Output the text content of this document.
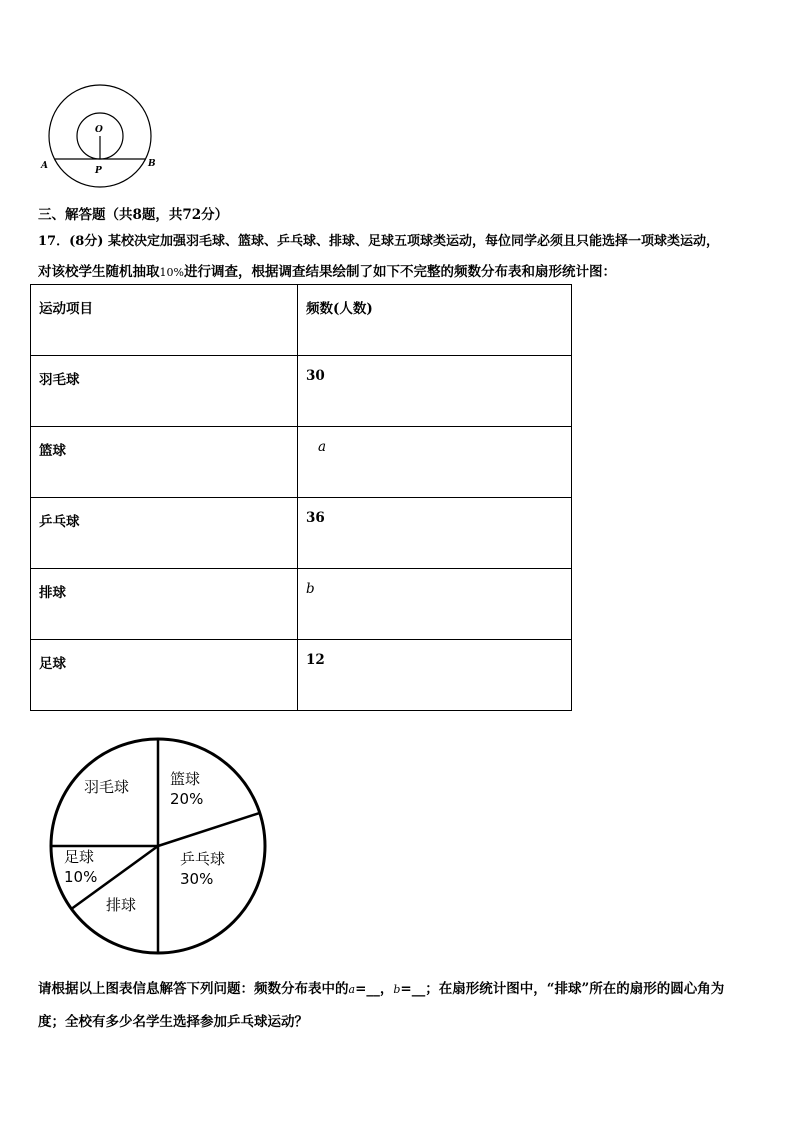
O
A	B
P
三、解答题（共8题，共72分）
17．(8分) 某校决定加强羽毛球、篮球、乒乓球、排球、足球五项球类运动，每位同学必须且只能选择一项球类运动，
对该校学生随机抽取10%进行调查，根据调查结果绘制了如下不完整的频数分布表和扇形统计图：
运动项目	频数(人数)
羽毛球	30
篮球	a
乒乓球	36
排球	b
足球	12
篮球
20%
乒乓球
30%
排球
足球
10%
羽毛球
请根据以上图表信息解答下列问题：频数分布表中的a=__，b=__；在扇形统计图中，“排球”所在的扇形的圆心角为
度；全校有多少名学生选择参加乒乓球运动？
